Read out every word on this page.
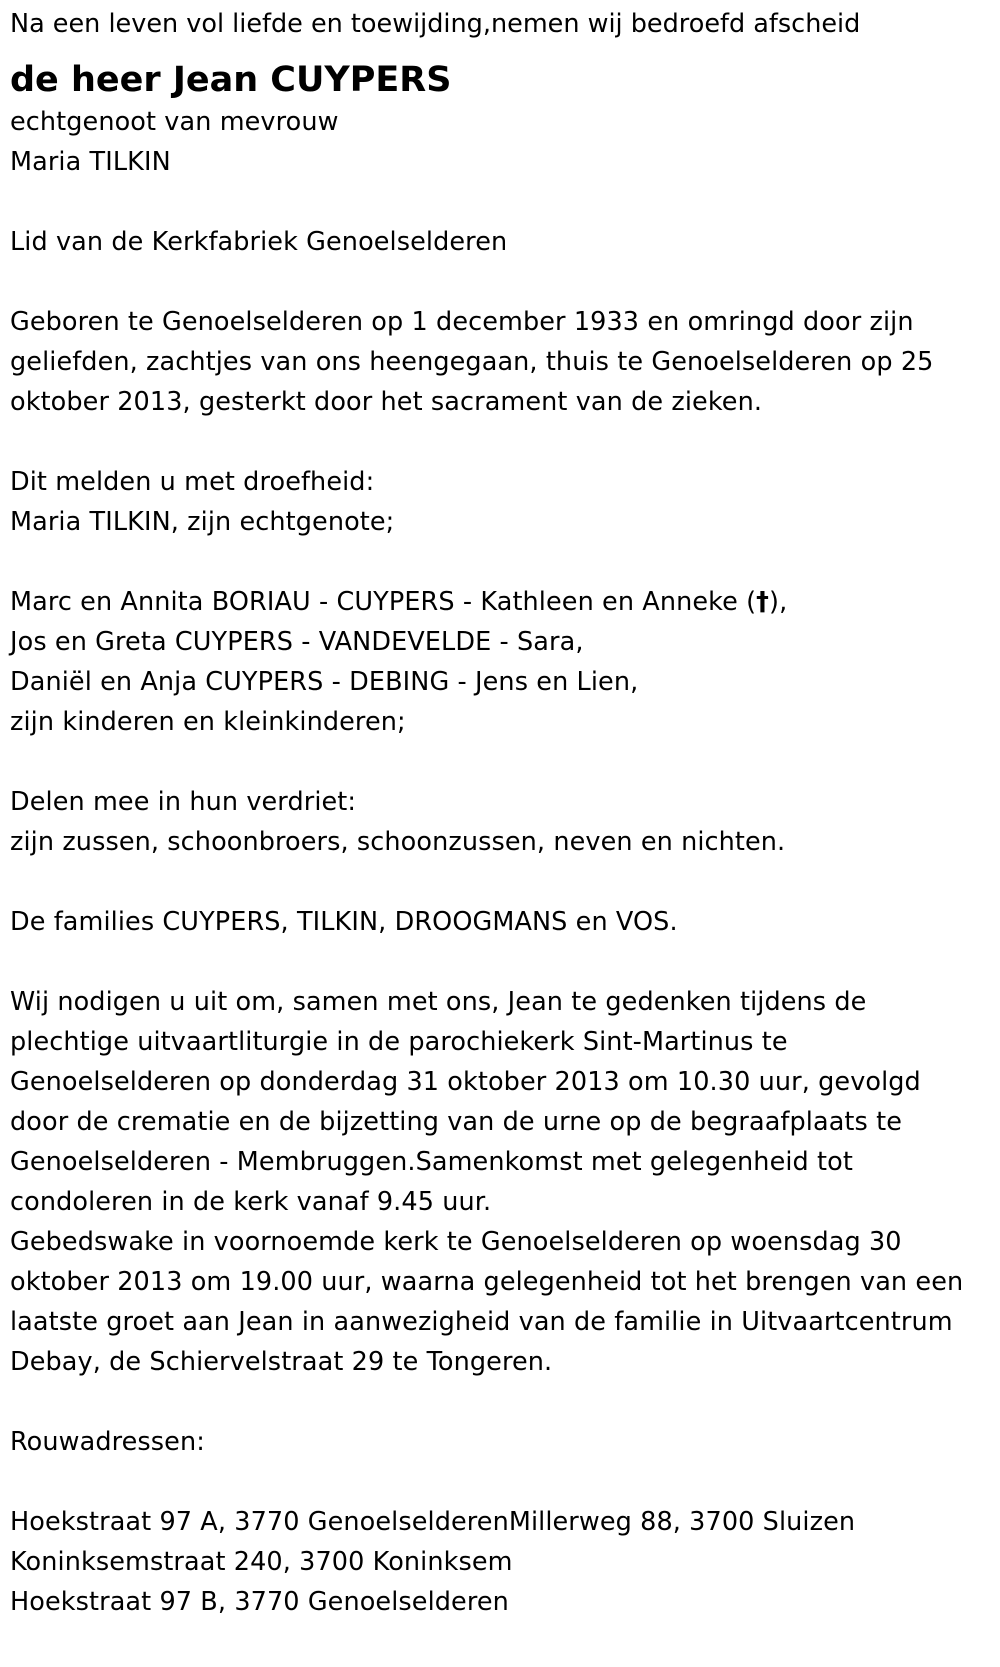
Na een leven vol liefde en toewijding,nemen wij bedroefd afscheid
de heer Jean CUYPERS
echtgenoot van mevrouw
Maria TILKIN
Lid van de Kerkfabriek Genoelselderen
Geboren te Genoelselderen op 1 december 1933 en omringd door zijn
geliefden, zachtjes van ons heengegaan, thuis te Genoelselderen op 25
oktober 2013, gesterkt door het sacrament van de zieken.
Dit melden u met droefheid:
Maria TILKIN, zijn echtgenote;
Marc en Annita BORIAU - CUYPERS - Kathleen en Anneke (†),
Jos en Greta CUYPERS - VANDEVELDE - Sara,
Daniël en Anja CUYPERS - DEBING - Jens en Lien,
zijn kinderen en kleinkinderen;
Delen mee in hun verdriet:
zijn zussen, schoonbroers, schoonzussen, neven en nichten.
De families CUYPERS, TILKIN, DROOGMANS en VOS.
Wij nodigen u uit om, samen met ons, Jean te gedenken tijdens de
plechtige uitvaartliturgie in de parochiekerk Sint-Martinus te
Genoelselderen op donderdag 31 oktober 2013 om 10.30 uur, gevolgd
door de crematie en de bijzetting van de urne op de begraafplaats te
Genoelselderen - Membruggen.Samenkomst met gelegenheid tot
condoleren in de kerk vanaf 9.45 uur.
Gebedswake in voornoemde kerk te Genoelselderen op woensdag 30
oktober 2013 om 19.00 uur, waarna gelegenheid tot het brengen van een
laatste groet aan Jean in aanwezigheid van de familie in Uitvaartcentrum
Debay, de Schiervelstraat 29 te Tongeren.
Rouwadressen:
Hoekstraat 97 A, 3770 GenoelselderenMillerweg 88, 3700 Sluizen
Koninksemstraat 240, 3700 Koninksem
Hoekstraat 97 B, 3770 Genoelselderen
